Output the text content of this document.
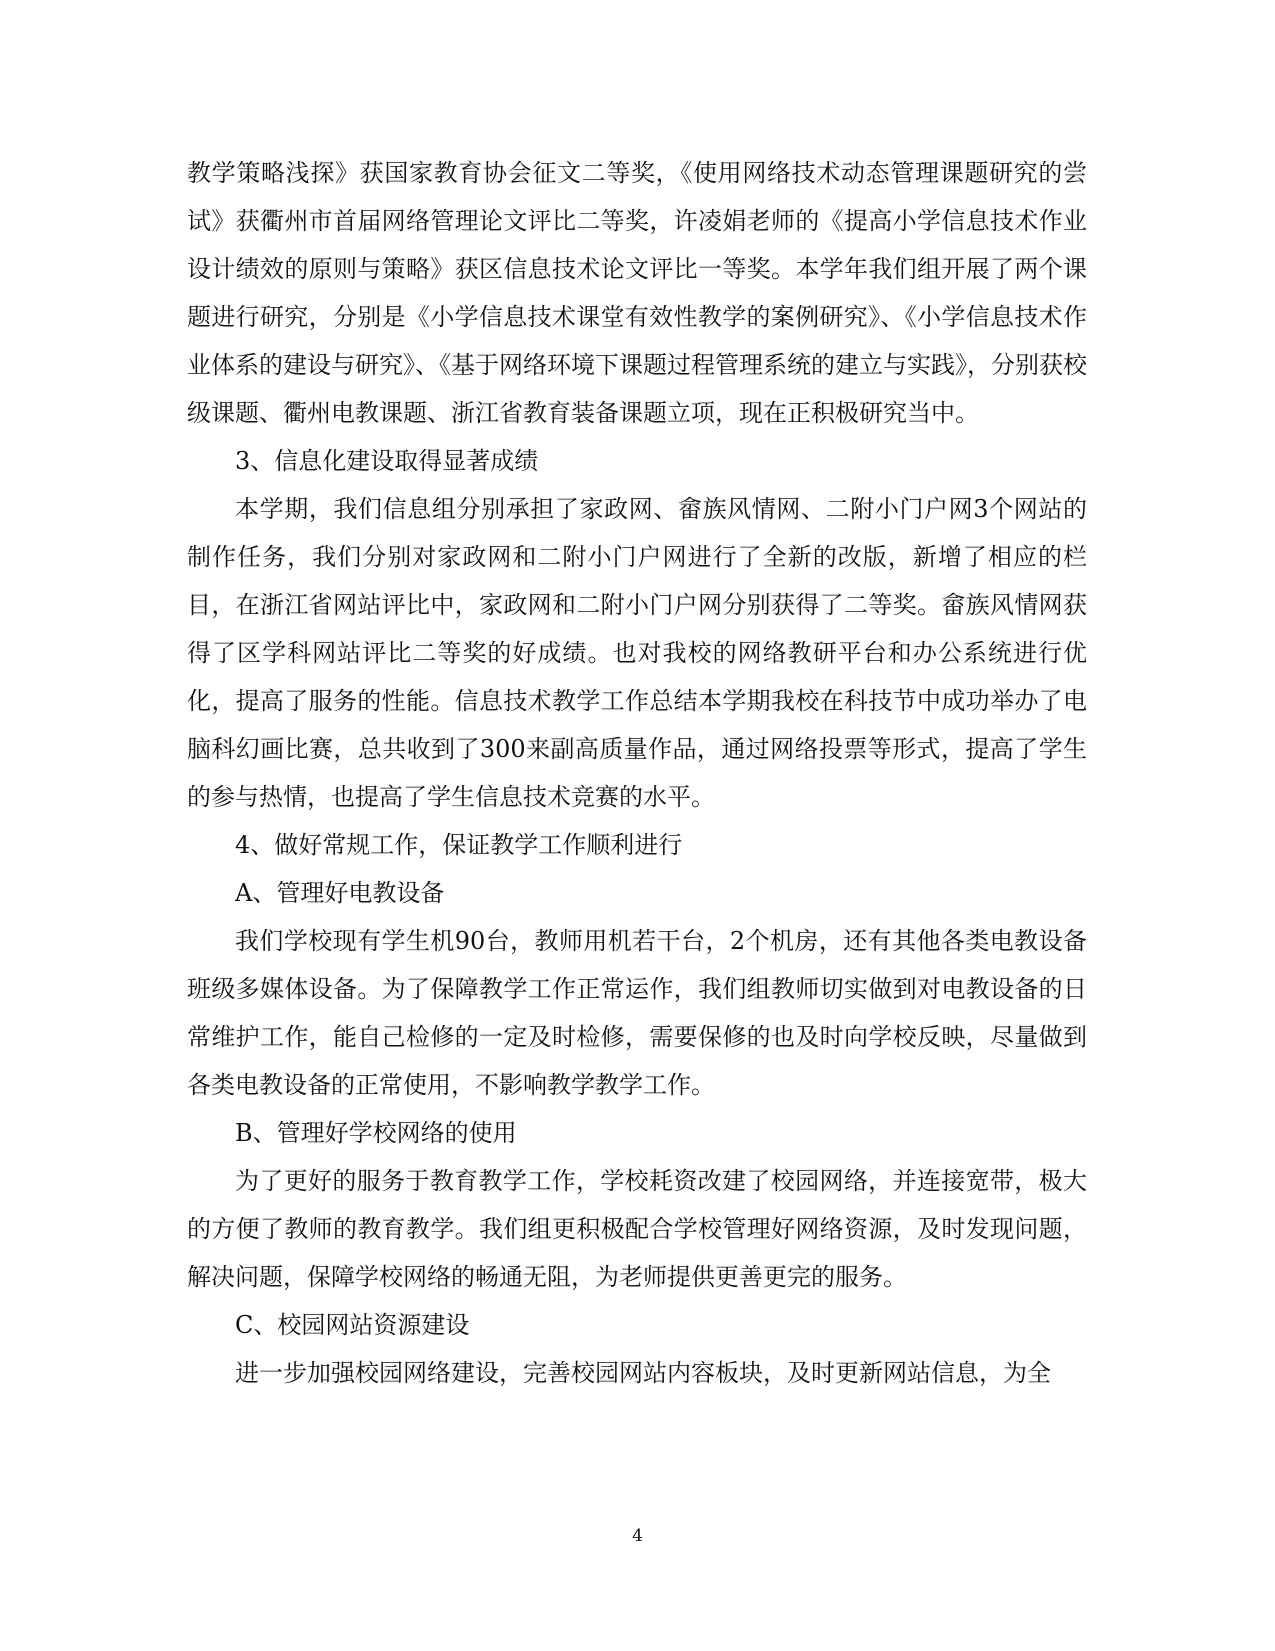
教学策略浅探》获国家教育协会征文二等奖，《使用网络技术动态管理课题研究的尝试》获衢州市首届网络管理论文评比二等奖，许凌娟老师的《提高小学信息技术作业设计绩效的原则与策略》获区信息技术论文评比一等奖。本学年我们组开展了两个课题进行研究，分别是《小学信息技术课堂有效性教学的案例研究》、《小学信息技术作业体系的建设与研究》、《基于网络环境下课题过程管理系统的建立与实践》，分别获校级课题、衢州电教课题、浙江省教育装备课题立项，现在正积极研究当中。

3、信息化建设取得显著成绩

本学期，我们信息组分别承担了家政网、畲族风情网、二附小门户网3个网站的制作任务，我们分别对家政网和二附小门户网进行了全新的改版，新增了相应的栏目，在浙江省网站评比中，家政网和二附小门户网分别获得了二等奖。畲族风情网获得了区学科网站评比二等奖的好成绩。也对我校的网络教研平台和办公系统进行优化，提高了服务的性能。信息技术教学工作总结本学期我校在科技节中成功举办了电脑科幻画比赛，总共收到了300来副高质量作品，通过网络投票等形式，提高了学生的参与热情，也提高了学生信息技术竞赛的水平。

4、做好常规工作，保证教学工作顺利进行

A、管理好电教设备

我们学校现有学生机90台，教师用机若干台，2个机房，还有其他各类电教设备班级多媒体设备。为了保障教学工作正常运作，我们组教师切实做到对电教设备的日常维护工作，能自己检修的一定及时检修，需要保修的也及时向学校反映，尽量做到各类电教设备的正常使用，不影响教学教学工作。

B、管理好学校网络的使用

为了更好的服务于教育教学工作，学校耗资改建了校园网络，并连接宽带，极大的方便了教师的教育教学。我们组更积极配合学校管理好网络资源，及时发现问题，解决问题，保障学校网络的畅通无阻，为老师提供更善更完的服务。

C、校园网站资源建设

进一步加强校园网络建设，完善校园网站内容板块，及时更新网站信息，为全

4
